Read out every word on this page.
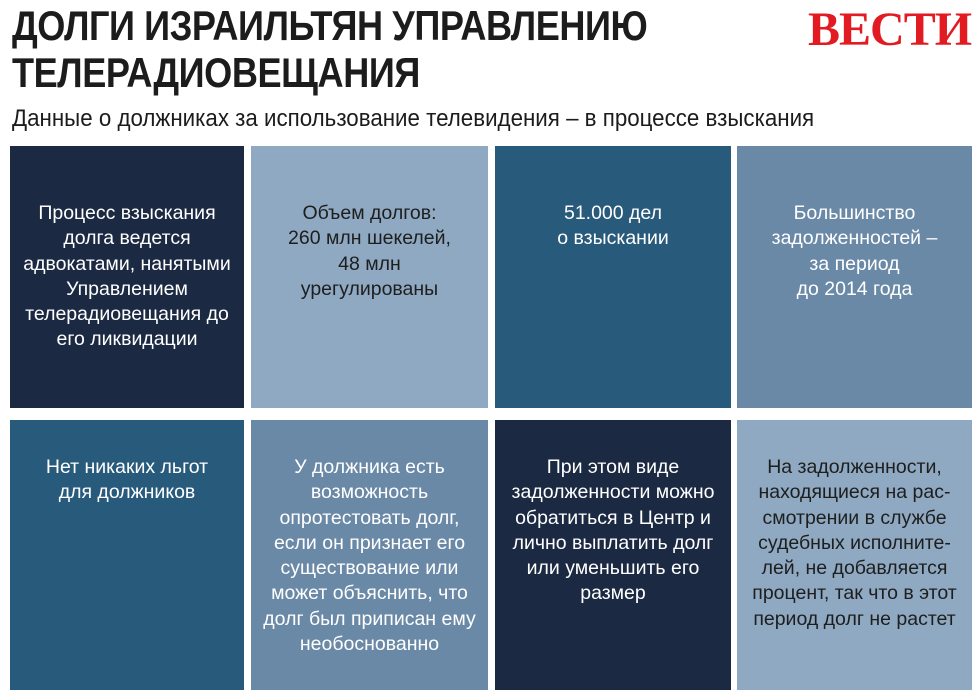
ДОЛГИ ИЗРАИЛЬТЯН УПРАВЛЕНИЮ
ТЕЛЕРАДИОВЕЩАНИЯ
ВЕСТИ
Данные о должниках за использование телевидения – в процессе взыскания
Процесс взыскания
долга ведется
адвокатами, нанятыми
Управлением
телерадиовещания до
его ликвидации
Объем долгов:
260 млн шекелей,
48 млн
урегулированы
51.000 дел
о взыскании
Большинство
задолженностей –
за период
до 2014 года
Нет никаких льгот
для должников
У должника есть
возможность
опротестовать долг,
если он признает его
существование или
может объяснить, что
долг был приписан ему
необоснованно
При этом виде
задолженности можно
обратиться в Центр и
лично выплатить долг
или уменьшить его
размер
На задолженности,
находящиеся на рас-
смотрении в службе
судебных исполните-
лей, не добавляется
процент, так что в этот
период долг не растет
